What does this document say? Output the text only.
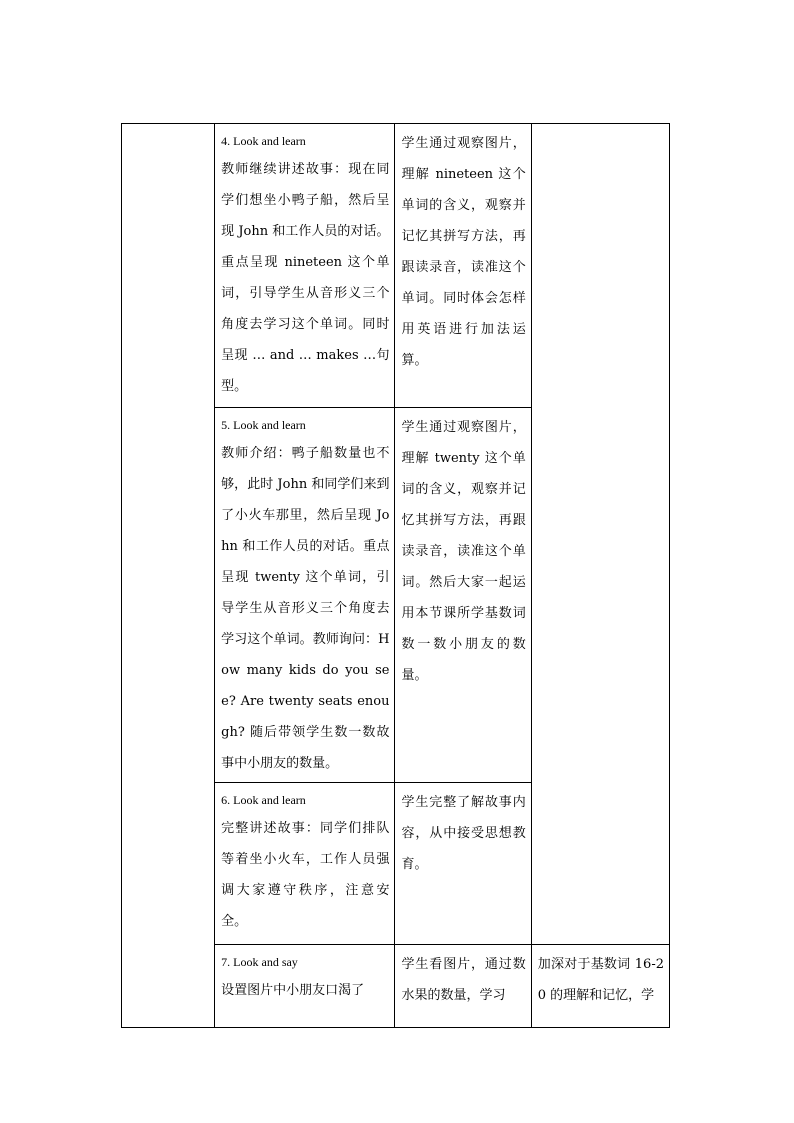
	4. Look and learn
教师继续讲述故事：现在同学们想坐小鸭子船，然后呈现 John 和工作人员的对话。重点呈现 nineteen 这个单词，引导学生从音形义三个角度去学习这个单词。同时呈现 … and … makes …句型。	学生通过观察图片，理解 nineteen 这个单词的含义，观察并记忆其拼写方法，再跟读录音，读准这个单词。同时体会怎样用英语进行加法运算。	

	5. Look and learn
教师介绍：鸭子船数量也不够，此时 John 和同学们来到了小火车那里，然后呈现 John 和工作人员的对话。重点呈现 twenty 这个单词，引导学生从音形义三个角度去学习这个单词。教师询问：How many kids do you see? Are twenty seats enough? 随后带领学生数一数故事中小朋友的数量。	学生通过观察图片，理解 twenty 这个单词的含义，观察并记忆其拼写方法，再跟读录音，读准这个单词。然后大家一起运用本节课所学基数词数一数小朋友的数量。	

	6. Look and learn
完整讲述故事：同学们排队等着坐小火车，工作人员强调大家遵守秩序，注意安全。	学生完整了解故事内容，从中接受思想教育。	

	7. Look and say
设置图片中小朋友口渴了	学生看图片，通过数水果的数量，学习	加深对于基数词 16-20 的理解和记忆，学
